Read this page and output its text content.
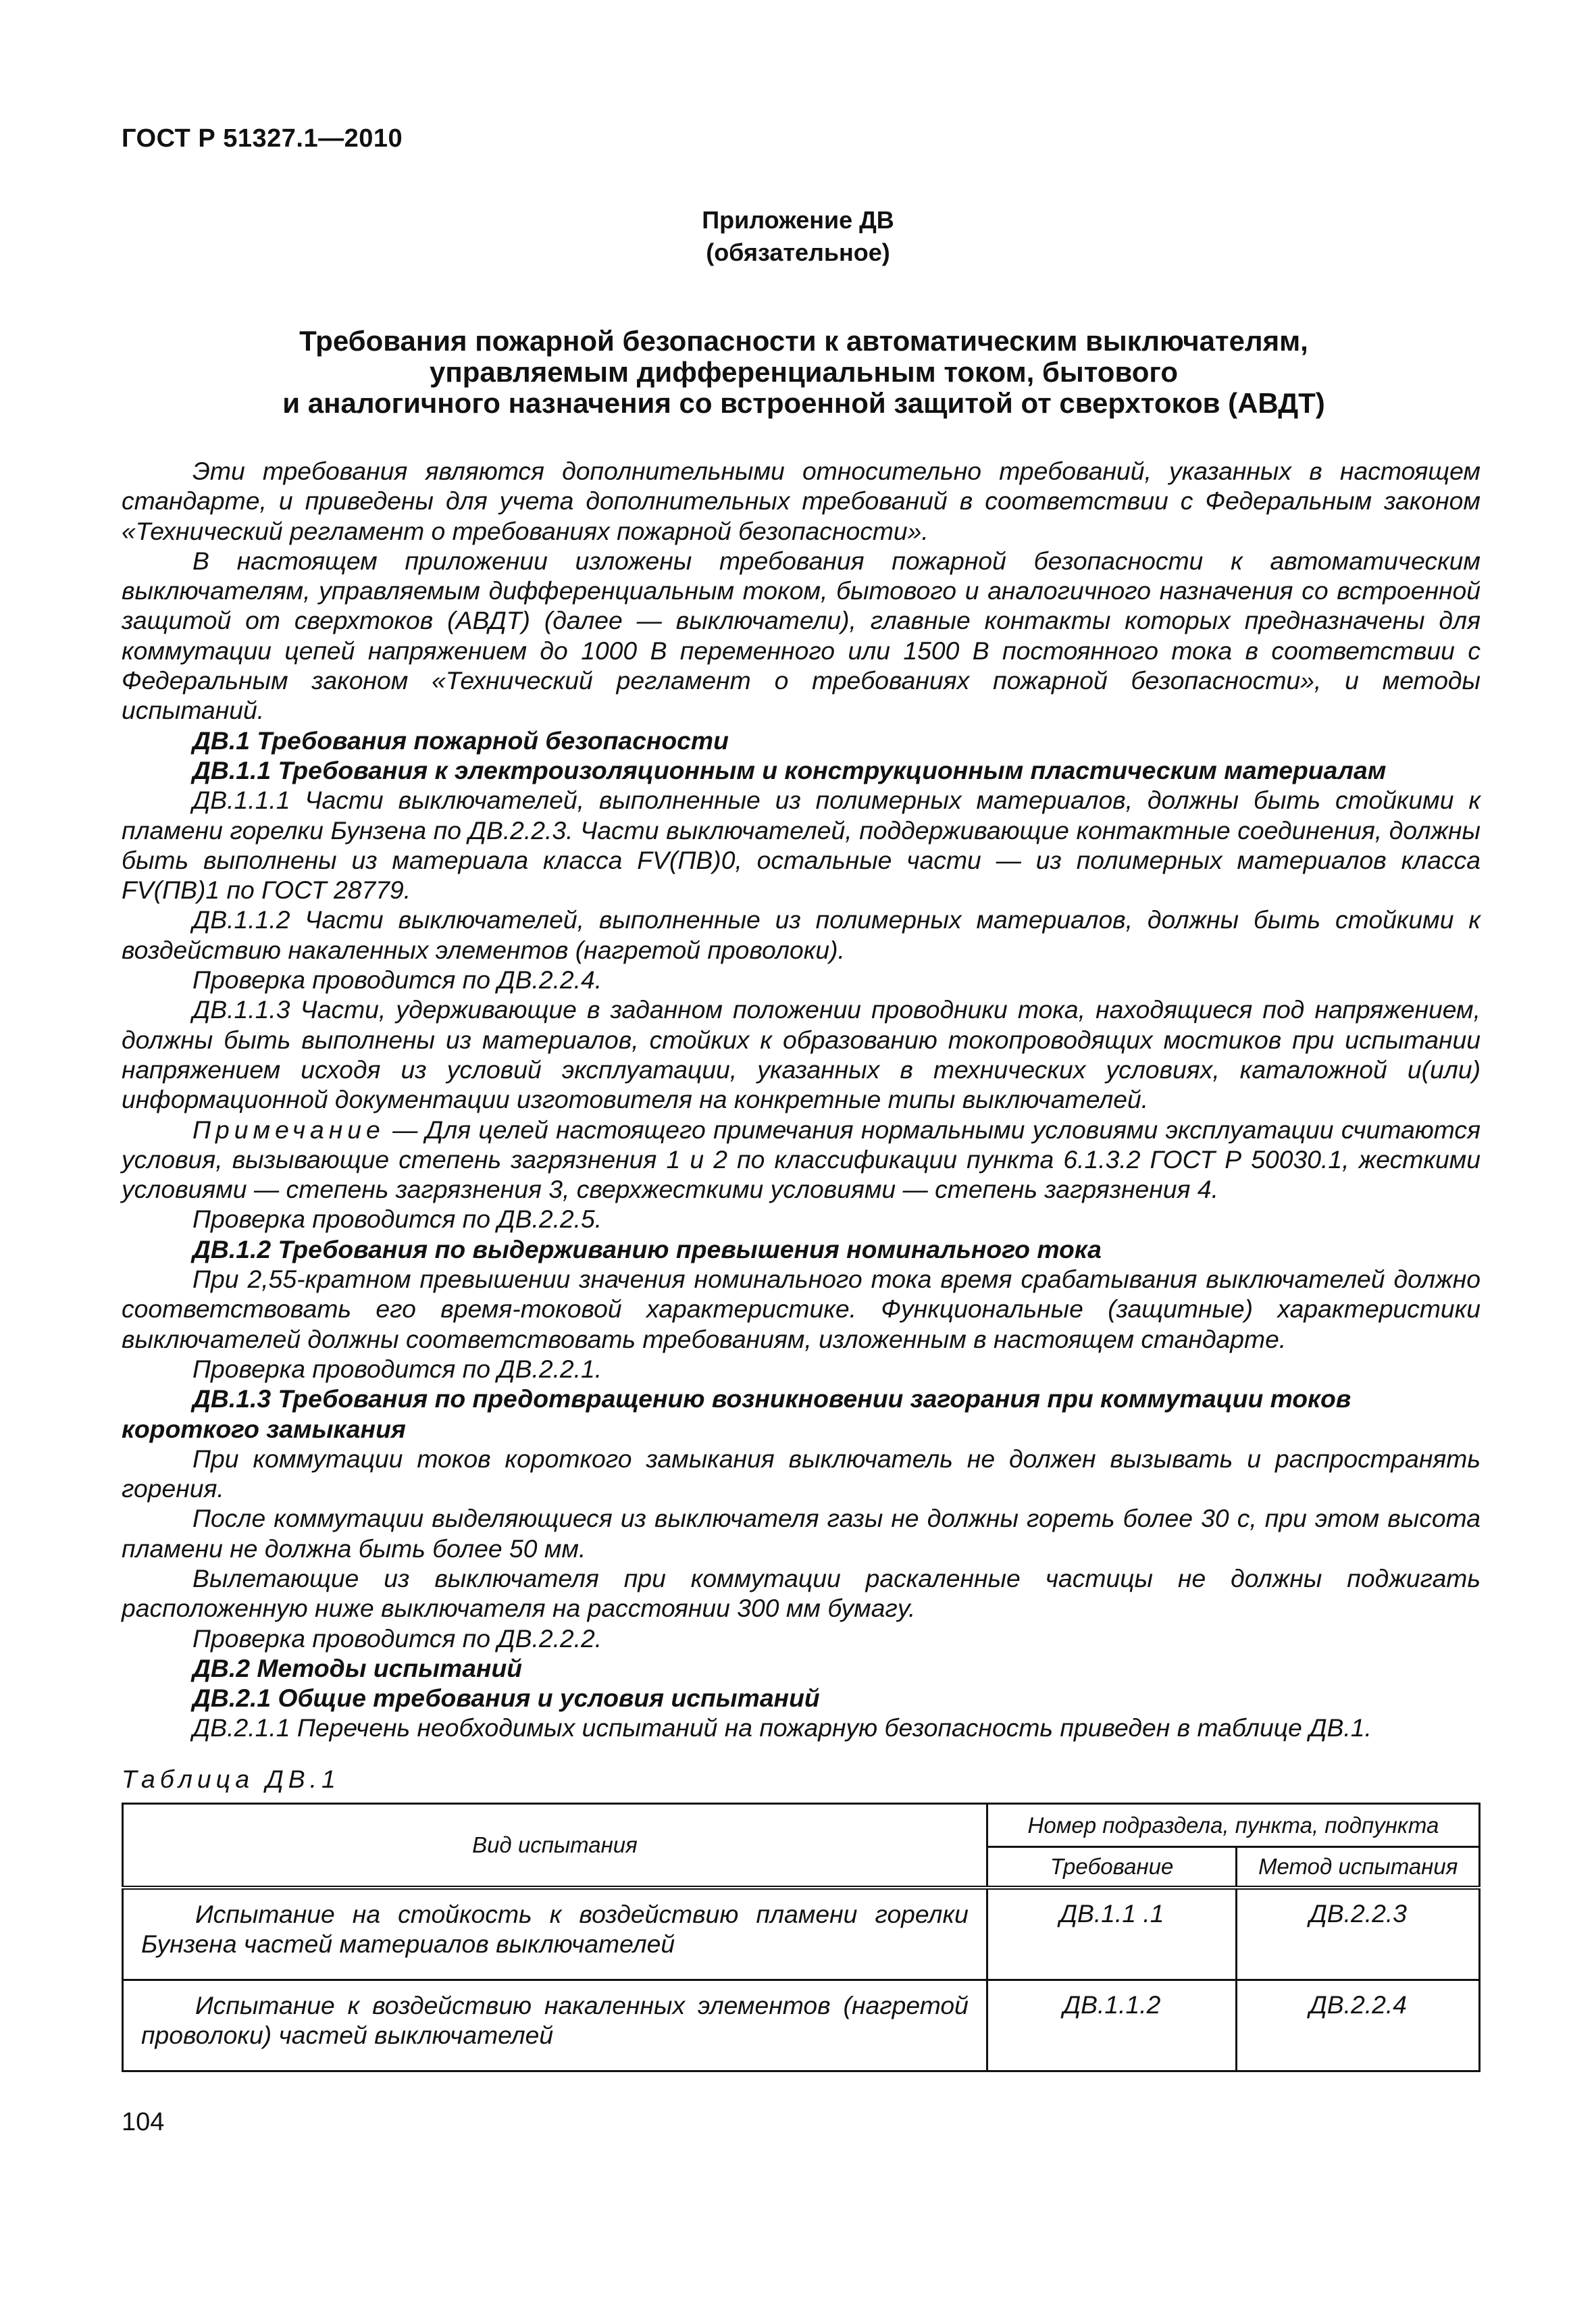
ГОСТ Р 51327.1—2010
Приложение ДВ
(обязательное)
Требования пожарной безопасности к автоматическим выключателям,
управляемым дифференциальным током, бытового
и аналогичного назначения со встроенной защитой от сверхтоков (АВДТ)

Эти требования являются дополнительными относительно требований, указанных в настоящем стандарте, и приведены для учета дополнительных требований в соответствии с Федеральным законом «Технический регламент о требованиях пожарной безопасности».

В настоящем приложении изложены требования пожарной безопасности к автоматическим выключателям, управляемым дифференциальным током, бытового и аналогичного назначения со встроенной защитой от сверхтоков (АВДТ) (далее — выключатели), главные контакты которых предназначены для коммутации цепей напряжением до 1000 В переменного или 1500 В постоянного тока в соответствии с Федеральным законом «Технический регламент о требованиях пожарной безопасности», и методы испытаний.

ДВ.1 Требования пожарной безопасности

ДВ.1.1 Требования к электроизоляционным и конструкционным пластическим материалам

ДВ.1.1.1 Части выключателей, выполненные из полимерных материалов, должны быть стойкими к пламени горелки Бунзена по ДВ.2.2.3. Части выключателей, поддерживающие контактные соединения, должны быть выполнены из материала класса FV(ПВ)0, остальные части — из полимерных материалов класса FV(ПВ)1 по ГОСТ 28779.

ДВ.1.1.2 Части выключателей, выполненные из полимерных материалов, должны быть стойкими к воздействию накаленных элементов (нагретой проволоки).

Проверка проводится по ДВ.2.2.4.

ДВ.1.1.3 Части, удерживающие в заданном положении проводники тока, находящиеся под напряжением, должны быть выполнены из материалов, стойких к образованию токопроводящих мостиков при испытании напряжением исходя из условий эксплуатации, указанных в технических условиях, каталожной и(или) информационной документации изготовителя на конкретные типы выключателей.

Примечание — Для целей настоящего примечания нормальными условиями эксплуатации считаются условия, вызывающие степень загрязнения 1 и 2 по классификации пункта 6.1.3.2 ГОСТ Р 50030.1, жесткими условиями — степень загрязнения 3, сверхжесткими условиями — степень загрязнения 4.

Проверка проводится по ДВ.2.2.5.

ДВ.1.2 Требования по выдерживанию превышения номинального тока

При 2,55-кратном превышении значения номинального тока время срабатывания выключателей должно соответствовать его время-токовой характеристике. Функциональные (защитные) характеристики выключателей должны соответствовать требованиям, изложенным в настоящем стандарте.

Проверка проводится по ДВ.2.2.1.

ДВ.1.3 Требования по предотвращению возникновении загорания при коммутации токов короткого замыкания

При коммутации токов короткого замыкания выключатель не должен вызывать и распространять горения.

После коммутации выделяющиеся из выключателя газы не должны гореть более 30 с, при этом высота пламени не должна быть более 50 мм.

Вылетающие из выключателя при коммутации раскаленные частицы не должны поджигать расположенную ниже выключателя на расстоянии 300 мм бумагу.

Проверка проводится по ДВ.2.2.2.

ДВ.2 Методы испытаний

ДВ.2.1 Общие требования и условия испытаний

ДВ.2.1.1 Перечень необходимых испытаний на пожарную безопасность приведен в таблице ДВ.1.

Таблица ДВ.1
Вид испытания	Номер подраздела, пункта, подпункта	
	Требование	Метод испытания
Испытание на стойкость к воздействию пламени горелки Бунзена частей материалов выключателей	ДВ.1.1 .1	ДВ.2.2.3
Испытание к воздействию накаленных элементов (нагретой проволоки) частей выключателей	ДВ.1.1.2	ДВ.2.2.4
104
